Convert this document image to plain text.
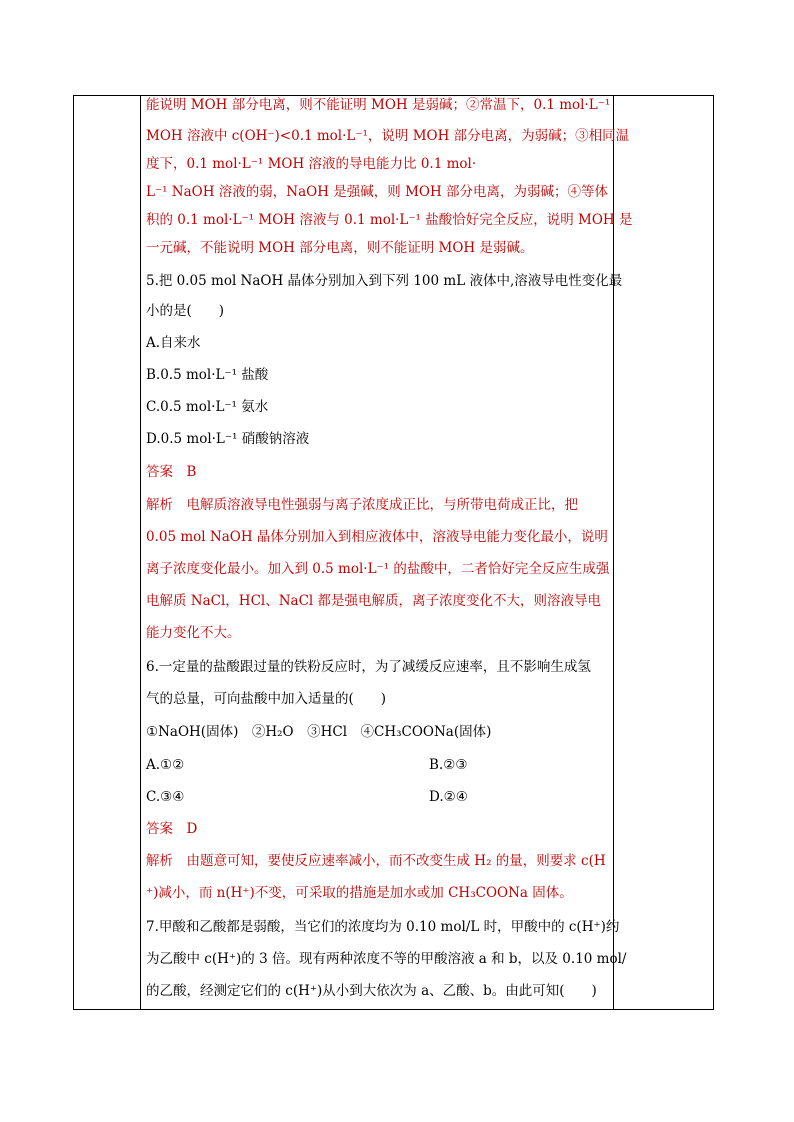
能说明 MOH 部分电离，则不能证明 MOH 是弱碱；②常温下，0.1 mol·L⁻¹
MOH 溶液中 c(OH⁻)<0.1 mol·L⁻¹，说明 MOH 部分电离，为弱碱；③相同温
度下，0.1 mol·L⁻¹ MOH 溶液的导电能力比 0.1 mol·
L⁻¹ NaOH 溶液的弱，NaOH 是强碱，则 MOH 部分电离，为弱碱；④等体
积的 0.1 mol·L⁻¹ MOH 溶液与 0.1 mol·L⁻¹ 盐酸恰好完全反应，说明 MOH 是
一元碱，不能说明 MOH 部分电离，则不能证明 MOH 是弱碱。
5.把 0.05 mol NaOH 晶体分别加入到下列 100 mL 液体中,溶液导电性变化最
小的是(　　)
A.自来水
B.0.5 mol·L⁻¹ 盐酸
C.0.5 mol·L⁻¹ 氨水
D.0.5 mol·L⁻¹ 硝酸钠溶液
答案　B
解析　电解质溶液导电性强弱与离子浓度成正比，与所带电荷成正比，把
0.05 mol NaOH 晶体分别加入到相应液体中，溶液导电能力变化最小，说明
离子浓度变化最小。加入到 0.5 mol·L⁻¹ 的盐酸中，二者恰好完全反应生成强
电解质 NaCl，HCl、NaCl 都是强电解质，离子浓度变化不大，则溶液导电
能力变化不大。
6.一定量的盐酸跟过量的铁粉反应时，为了减缓反应速率，且不影响生成氢
气的总量，可向盐酸中加入适量的(　　)
①NaOH(固体)　②H₂O　③HCl　④CH₃COONa(固体)
A.①②	B.②③
C.③④	D.②④
答案　D
解析　由题意可知，要使反应速率减小，而不改变生成 H₂ 的量，则要求 c(H
⁺)减小，而 n(H⁺)不变，可采取的措施是加水或加 CH₃COONa 固体。
7.甲酸和乙酸都是弱酸，当它们的浓度均为 0.10 mol/L 时，甲酸中的 c(H⁺)约
为乙酸中 c(H⁺)的 3 倍。现有两种浓度不等的甲酸溶液 a 和 b，以及 0.10 mol/
的乙酸，经测定它们的 c(H⁺)从小到大依次为 a、乙酸、b。由此可知(　　)
